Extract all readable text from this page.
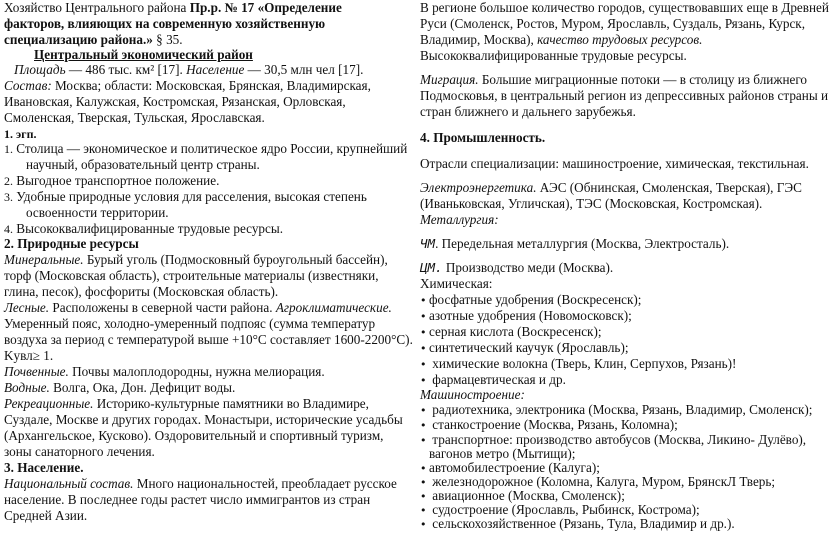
Хозяйство Центрального района Пр.р. № 17 «Определение
факторов, влияющих на современную хозяйственную
специализацию района.» § 35.
Центральный экономический район
Площадь — 486 тыс. км² [17]. Население — 30,5 млн чел [17].
Состав: Москва; области: Московская, Брянская, Владимирская,
Ивановская, Калужская, Костромская, Рязанская, Орловская,
Смоленская, Тверская, Тульская, Ярославская.
1. эгп.
1. Столица — экономическое и политическое ядро России, крупнейший
научный, образовательный центр страны.
2. Выгодное транспортное положение.
3. Удобные природные условия для расселения, высокая степень
освоенности территории.
4. Высококвалифицированные трудовые ресурсы.
2. Природные ресурсы
Минеральные. Бурый уголь (Подмосковный буроугольный бассейн),
торф (Московская область), строительные материалы (известняки,
глина, песок), фосфориты (Московская область).
Лесные. Расположены в северной части района. Агроклиматические.
Умеренный пояс, холодно-умеренный подпояс (сумма температур
воздуха за период с температурой выше +10°С составляет 1600-2200°С).
Kувл≥ 1.
Почвенные. Почвы малоплодородны, нужна мелиорация.
Водные. Волга, Ока, Дон. Дефицит воды.
Рекреационные. Историко-культурные памятники во Владимире,
Суздале, Москве и других городах. Монастыри, исторические усадьбы
(Архангельское, Кусково). Оздоровительный и спортивный туризм,
зоны санаторного лечения.
3. Население.
Национальный состав. Много национальностей, преобладает русское
население. В последнее годы растет число иммигрантов из стран
Средней Азии.
В регионе большое количество городов, существовавших еще в Древней
Руси (Смоленск, Ростов, Муром, Ярославль, Суздаль, Рязань, Курск,
Владимир, Москва), качество трудовых ресурсов.
Высококвалифицированные трудовые ресурсы.
Миграция. Большие миграционные потоки — в столицу из ближнего
Подмосковья, в центральный регион из депрессивных районов страны и
стран ближнего и дальнего зарубежья.
4. Промышленность.
Отрасли специализации: машиностроение, химическая, текстильная.
Электроэнергетика. АЭС (Обнинская, Смоленская, Тверская), ГЭС
(Иваньковская, Угличская), ТЭС (Московская, Костромская).
Металлургия:
ЧМ. Передельная металлургия (Москва, Электросталь).
ЦМ. Производство меди (Москва).
Химическая:
• фосфатные удобрения (Воскресенск);
• азотные удобрения (Новомосковск);
• серная кислота (Воскресенск);
• синтетический каучук (Ярославль);
• химические волокна (Тверь, Клин, Серпухов, Рязань)!
• фармацевтическая и др.
Машиностроение:
• радиотехника, электроника (Москва, Рязань, Владимир, Смоленск);
• станкостроение (Москва, Рязань, Коломна);
• транспортное: производство автобусов (Москва, Ликино- Дулёво),
вагонов метро (Мытищи);
• автомобилестроение (Калуга);
• железнодорожное (Коломна, Калуга, Муром, БрянскЛ Тверь;
• авиационное (Москва, Смоленск);
• судостроение (Ярославль, Рыбинск, Кострома);
• сельскохозяйственное (Рязань, Тула, Владимир и др.).
